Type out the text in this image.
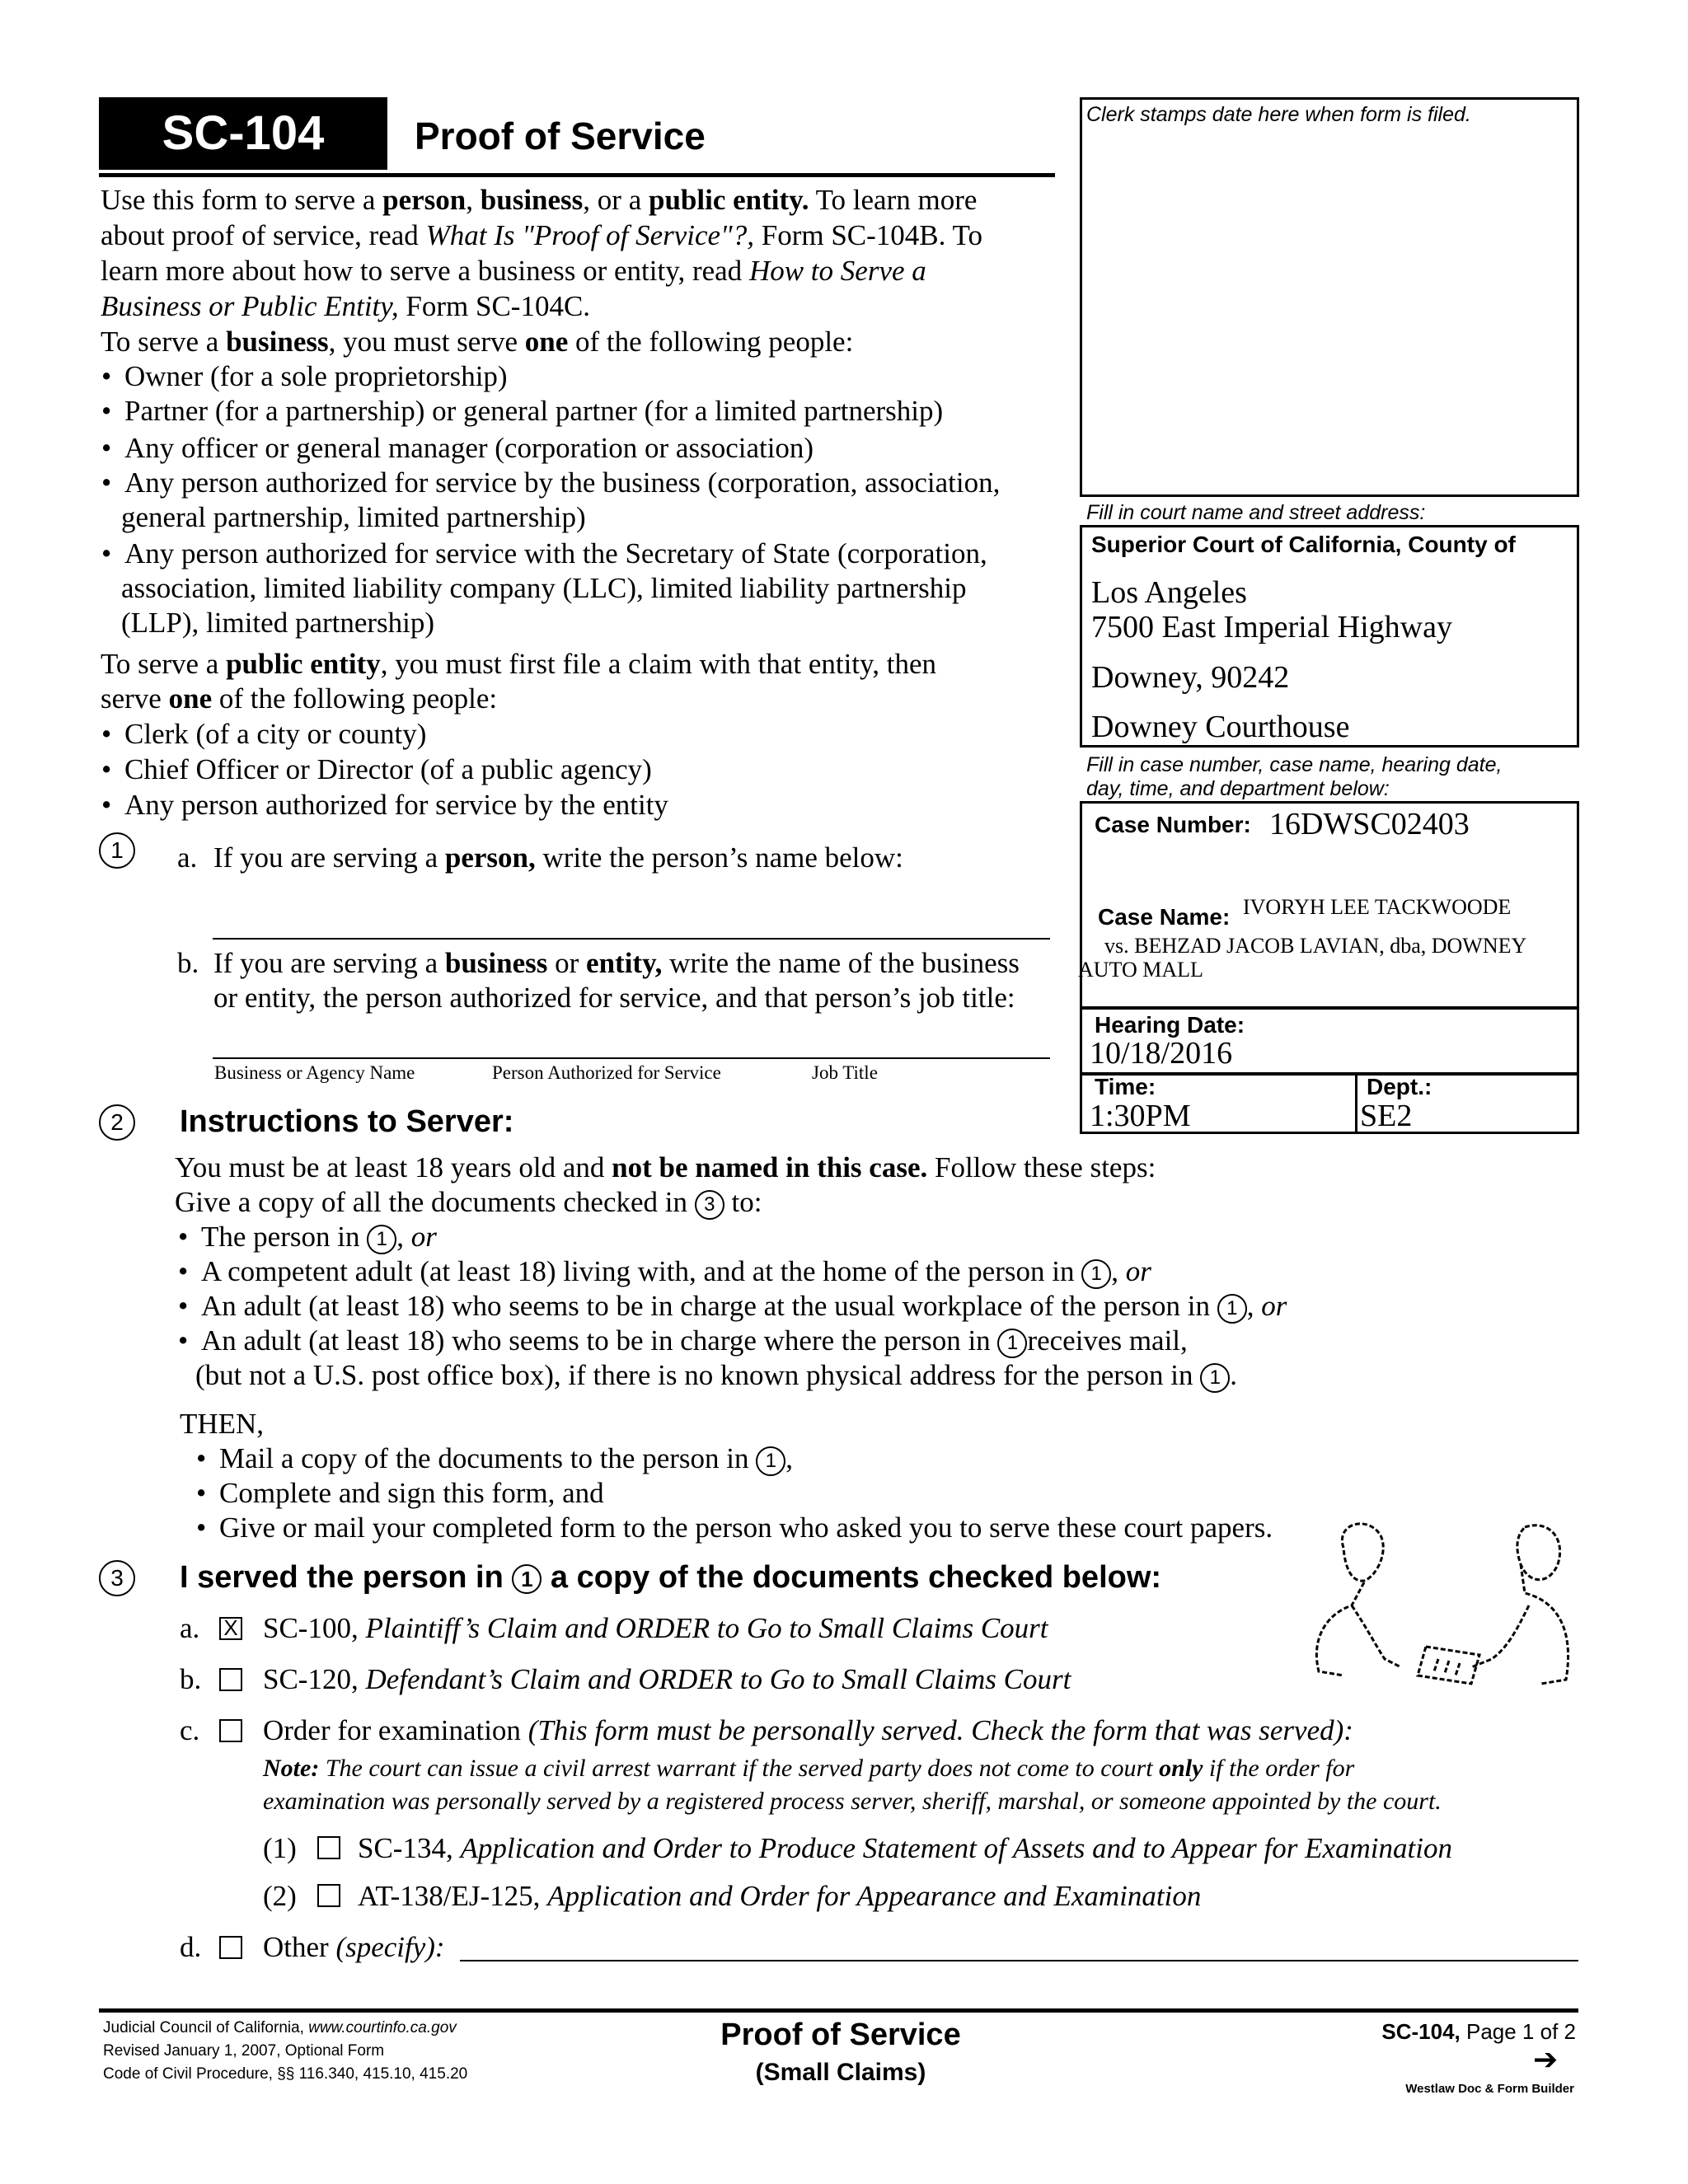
SC-104	Proof of Service
Use this form to serve a person, business, or a public entity. To learn more
about proof of service, read What Is "Proof of Service"?, Form SC-104B. To
learn more about how to serve a business or entity, read How to Serve a
Business or Public Entity, Form SC-104C.
To serve a business, you must serve one of the following people:
• Owner (for a sole proprietorship)
• Partner (for a partnership) or general partner (for a limited partnership)
• Any officer or general manager (corporation or association)
• Any person authorized for service by the business (corporation, association,
general partnership, limited partnership)
• Any person authorized for service with the Secretary of State (corporation,
association, limited liability company (LLC), limited liability partnership
(LLP), limited partnership)
To serve a public entity, you must first file a claim with that entity, then
serve one of the following people:
• Clerk (of a city or county)
• Chief Officer or Director (of a public agency)
• Any person authorized for service by the entity
1	a. If you are serving a person, write the person’s name below:
b. If you are serving a business or entity, write the name of the business
or entity, the person authorized for service, and that person’s job title:
Business or Agency Name	Person Authorized for Service	Job Title
2	Instructions to Server:
You must be at least 18 years old and not be named in this case. Follow these steps:
Give a copy of all the documents checked in 3 to:
• The person in 1 , or
• A competent adult (at least 18) living with, and at the home of the person in 1 , or
• An adult (at least 18) who seems to be in charge at the usual workplace of the person in 1 , or
• An adult (at least 18) who seems to be in charge where the person in 1 receives mail,
(but not a U.S. post office box), if there is no known physical address for the person in 1 .
THEN,
• Mail a copy of the documents to the person in 1 ,
• Complete and sign this form, and
• Give or mail your completed form to the person who asked you to serve these court papers.
3	I served the person in 1 a copy of the documents checked below:
a. X SC-100, Plaintiff’s Claim and ORDER to Go to Small Claims Court
b. SC-120, Defendant’s Claim and ORDER to Go to Small Claims Court
c. Order for examination (This form must be personally served. Check the form that was served):
Note: The court can issue a civil arrest warrant if the served party does not come to court only if the order for
examination was personally served by a registered process server, sheriff, marshal, or someone appointed by the court.
(1) SC-134, Application and Order to Produce Statement of Assets and to Appear for Examination
(2) AT-138/EJ-125, Application and Order for Appearance and Examination
d. Other (specify):
Clerk stamps date here when form is filed.
Fill in court name and street address:
Superior Court of California, County of
Los Angeles
7500 East Imperial Highway
Downey, 90242
Downey Courthouse
Fill in case number, case name, hearing date,
day, time, and department below:
Case Number: 16DWSC02403
Case Name: IVORYH LEE TACKWOODE
vs. BEHZAD JACOB LAVIAN, dba, DOWNEY
AUTO MALL
Hearing Date:
10/18/2016
Time:
1:30PM
Dept.:
SE2
Judicial Council of California, www.courtinfo.ca.gov
Revised January 1, 2007, Optional Form
Code of Civil Procedure, §§ 116.340, 415.10, 415.20
Proof of Service
(Small Claims)
SC-104, Page 1 of 2
➔
Westlaw Doc & Form Builder
